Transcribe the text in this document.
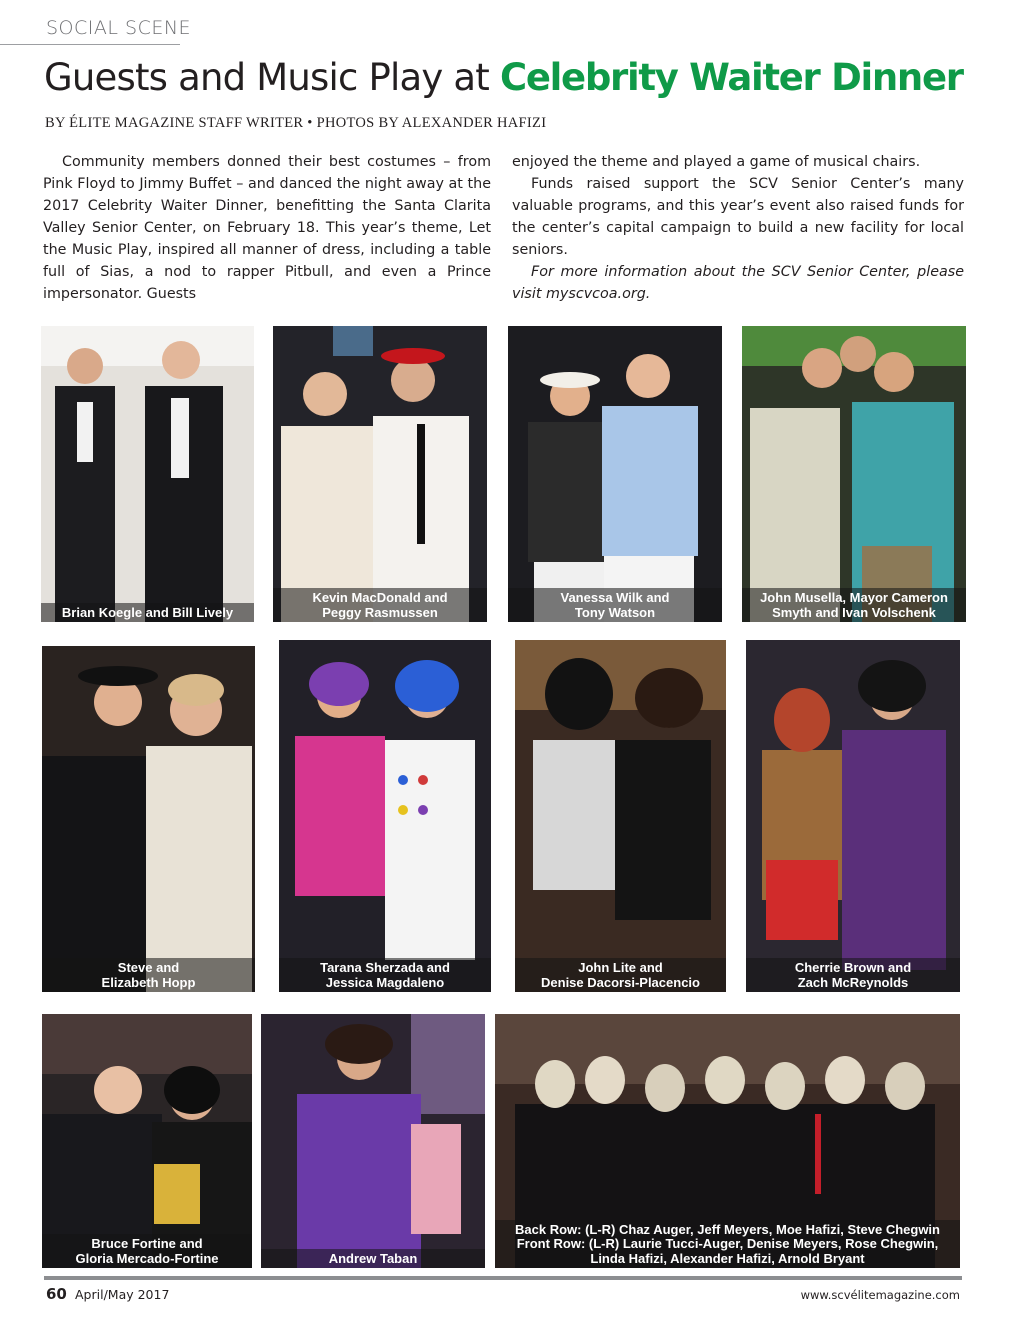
SOCIAL SCENE
Guests and Music Play at Celebrity Waiter Dinner
BY ÉLITE MAGAZINE STAFF WRITER • PHOTOS BY ALEXANDER HAFIZI

Community members donned their best costumes – from Pink Floyd to Jimmy Buffet – and danced the night away at the 2017 Celebrity Waiter Dinner, benefitting the Santa Clarita Valley Senior Center, on February 18. This year’s theme, Let the Music Play, inspired all manner of dress, including a table full of Sias, a nod to rapper Pitbull, and even a Prince impersonator. Guests

enjoyed the theme and played a game of musical chairs.

Funds raised support the SCV Senior Center’s many valuable programs, and this year’s event also raised funds for the center’s capital campaign to build a new facility for local seniors.

For more information about the SCV Senior Center, please visit myscvcoa.org.

Brian Koegle and Bill Lively
Kevin MacDonald and
Peggy Rasmussen
Vanessa Wilk and
Tony Watson
John Musella, Mayor Cameron
Smyth and Ivan Volschenk
Steve and
Elizabeth Hopp
Tarana Sherzada and
Jessica Magdaleno
John Lite and
Denise Dacorsi-Placencio
Cherrie Brown and
Zach McReynolds
Bruce Fortine and
Gloria Mercado-Fortine	Andrew Taban
Back Row: (L-R) Chaz Auger, Jeff Meyers, Moe Hafizi, Steve Chegwin
Front Row: (L-R) Laurie Tucci-Auger, Denise Meyers, Rose Chegwin,
Linda Hafizi, Alexander Hafizi, Arnold Bryant
60 April/May 2017	www.scvélitemagazine.com
